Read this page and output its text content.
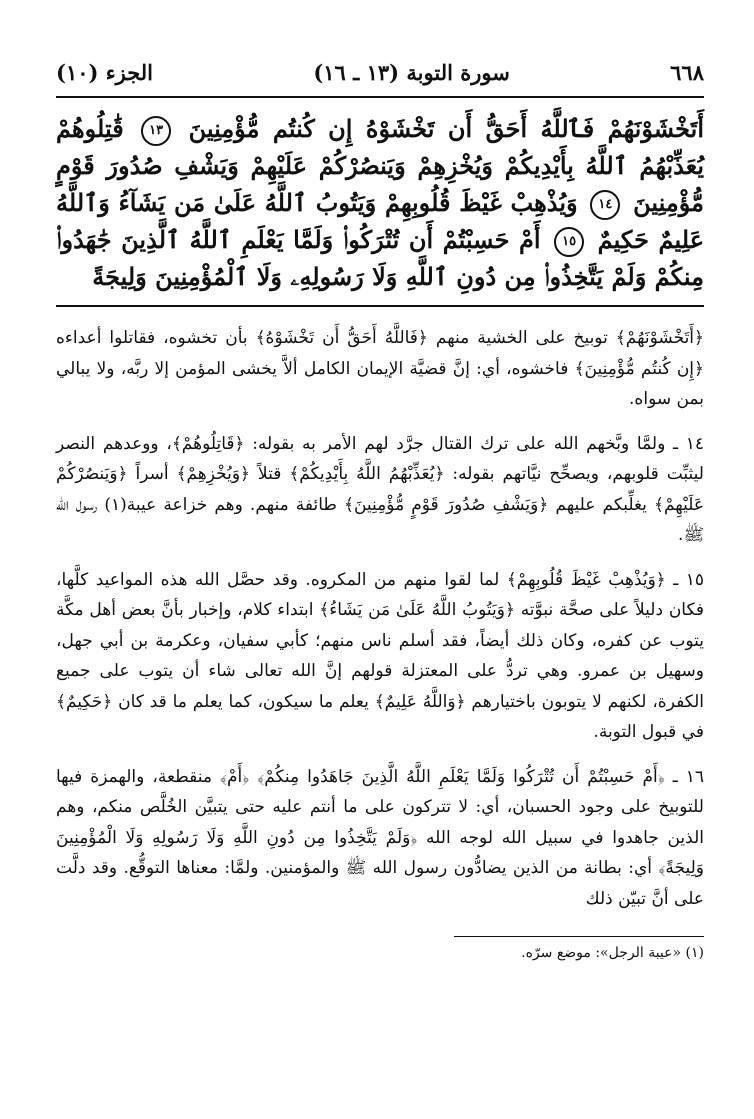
٦٦٨
سورة التوبة (١٣ ـ ١٦)
الجزء (١٠)
أَتَخْشَوْنَهُمْ فَٱللَّهُ أَحَقُّ أَن تَخْشَوْهُ إِن كُنتُم مُّؤْمِنِينَ ١٣ قَٰتِلُوهُمْ يُعَذِّبْهُمُ ٱللَّهُ بِأَيْدِيكُمْ وَيُخْزِهِمْ وَيَنصُرْكُمْ عَلَيْهِمْ وَيَشْفِ صُدُورَ قَوْمٍ مُّؤْمِنِينَ ١٤ وَيُذْهِبْ غَيْظَ قُلُوبِهِمْ وَيَتُوبُ ٱللَّهُ عَلَىٰ مَن يَشَآءُ وَٱللَّهُ عَلِيمٌ حَكِيمٌ ١٥ أَمْ حَسِبْتُمْ أَن تُتْرَكُوا۟ وَلَمَّا يَعْلَمِ ٱللَّهُ ٱلَّذِينَ جَٰهَدُوا۟ مِنكُمْ وَلَمْ يَتَّخِذُوا۟ مِن دُونِ ٱللَّهِ وَلَا رَسُولِهِۦ وَلَا ٱلْمُؤْمِنِينَ وَلِيجَةً

﴿أَتَخْشَوْنَهُمْ﴾ توبيخ على الخشية منهم ﴿فَاللَّهُ أَحَقُّ أَن تَخْشَوْهُ﴾ بأن تخشوه، فقاتلوا أعداءه ﴿إِن كُنتُم مُّؤْمِنِينَ﴾ فاخشوه، أي: إنَّ قضيَّة الإيمان الكامل ألاَّ يخشى المؤمن إلا ربَّه، ولا يبالي بمن سواه.

١٤ ـ ولمَّا وبَّخهم الله على ترك القتال جرَّد لهم الأمر به بقوله: ﴿قَاتِلُوهُمْ﴾، ووعدهم النصر ليثبِّت قلوبهم، ويصحِّح نيَّاتهم بقوله: ﴿يُعَذِّبْهُمُ اللَّهُ بِأَيْدِيكُمْ﴾ قتلاً ﴿وَيُخْزِهِمْ﴾ أسراً ﴿وَيَنصُرْكُمْ عَلَيْهِمْ﴾ يغلِّبكم عليهم ﴿وَيَشْفِ صُدُورَ قَوْمٍ مُّؤْمِنِينَ﴾ طائفة منهم. وهم خزاعة عيبة(١) رسول الله ﷺ.

١٥ ـ ﴿وَيُذْهِبْ غَيْظَ قُلُوبِهِمْ﴾ لما لقوا منهم من المكروه. وقد حصَّل الله هذه المواعيد كلَّها، فكان دليلاً على صحَّة نبوَّته ﴿وَيَتُوبُ اللَّهُ عَلَىٰ مَن يَشَاءُ﴾ ابتداء كلام، وإخبار بأنَّ بعض أهل مكَّة يتوب عن كفره، وكان ذلك أيضاً، فقد أسلم ناس منهم؛ كأبي سفيان، وعكرمة بن أبي جهل، وسهيل بن عمرو. وهي تردُّ على المعتزلة قولهم إنَّ الله تعالى شاء أن يتوب على جميع الكفرة، لكنهم لا يتوبون باختيارهم ﴿وَاللَّهُ عَلِيمٌ﴾ يعلم ما سيكون، كما يعلم ما قد كان ﴿حَكِيمٌ﴾ في قبول التوبة.

١٦ ـ ﴿أَمْ حَسِبْتُمْ أَن تُتْرَكُوا وَلَمَّا يَعْلَمِ اللَّهُ الَّذِينَ جَاهَدُوا مِنكُمْ﴾ ﴿أَمْ﴾ منقطعة، والهمزة فيها للتوبيخ على وجود الحسبان، أي: لا تتركون على ما أنتم عليه حتى يتبيَّن الخُلَّص منكم، وهم الذين جاهدوا في سبيل الله لوجه الله ﴿وَلَمْ يَتَّخِذُوا مِن دُونِ اللَّهِ وَلَا رَسُولِهِ وَلَا الْمُؤْمِنِينَ وَلِيجَةً﴾ أي: بطانة من الذين يضادُّون رسول الله ﷺ والمؤمنين. ولمَّا: معناها التوقُّع. وقد دلَّت على أنَّ تبيّن ذلك

(١) «عيبة الرجل»: موضع سرّه.
